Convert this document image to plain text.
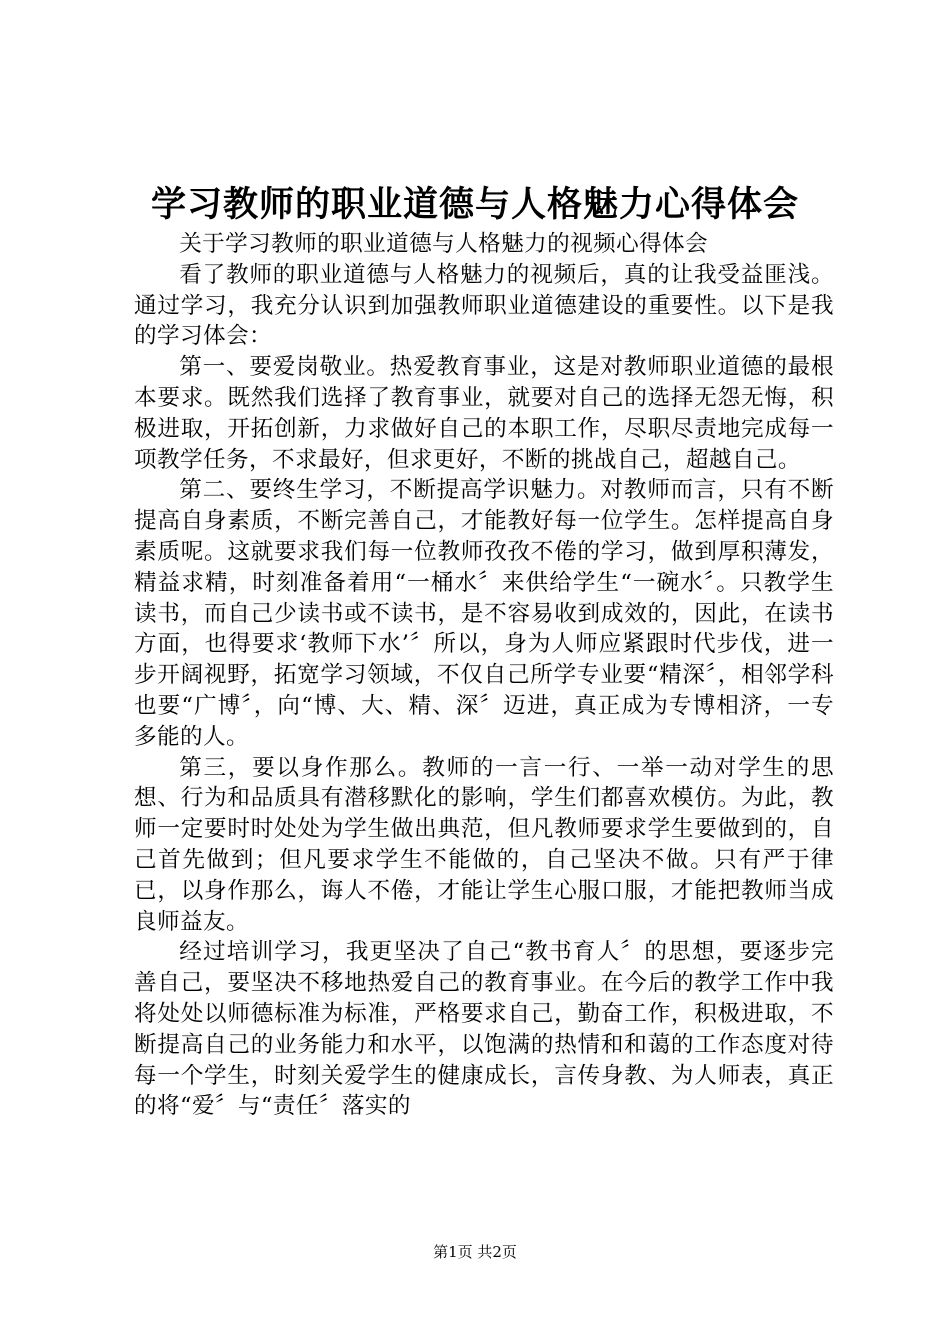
学习教师的职业道德与人格魅力心得体会

关于学习教师的职业道德与人格魅力的视频心得体会

看了教师的职业道德与人格魅力的视频后，真的让我受益匪浅。通过学习，我充分认识到加强教师职业道德建设的重要性。以下是我的学习体会：

第一、要爱岗敬业。热爱教育事业，这是对教师职业道德的最根本要求。既然我们选择了教育事业，就要对自己的选择无怨无悔，积极进取，开拓创新，力求做好自己的本职工作，尽职尽责地完成每一项教学任务，不求最好，但求更好，不断的挑战自己，超越自己。

第二、要终生学习，不断提高学识魅力。对教师而言，只有不断提高自身素质，不断完善自己，才能教好每一位学生。怎样提高自身素质呢。这就要求我们每一位教师孜孜不倦的学习，做到厚积薄发，精益求精，时刻准备着用“一桶水〞来供给学生“一碗水〞。只教学生读书，而自己少读书或不读书，是不容易收到成效的，因此，在读书方面，也得要求‘教师下水’〞所以，身为人师应紧跟时代步伐，进一步开阔视野，拓宽学习领域，不仅自己所学专业要“精深〞，相邻学科也要“广博〞，向“博、大、精、深〞迈进，真正成为专博相济，一专多能的人。

第三，要以身作那么。教师的一言一行、一举一动对学生的思想、行为和品质具有潜移默化的影响，学生们都喜欢模仿。为此，教师一定要时时处处为学生做出典范，但凡教师要求学生要做到的，自己首先做到；但凡要求学生不能做的，自己坚决不做。只有严于律已，以身作那么，诲人不倦，才能让学生心服口服，才能把教师当成良师益友。

经过培训学习，我更坚决了自己“教书育人〞的思想，要逐步完善自己，要坚决不移地热爱自己的教育事业。在今后的教学工作中我将处处以师德标准为标准，严格要求自己，勤奋工作，积极进取，不断提高自己的业务能力和水平，以饱满的热情和和蔼的工作态度对待每一个学生，时刻关爱学生的健康成长，言传身教、为人师表，真正的将“爱〞与“责任〞落实的

第1页 共2页
